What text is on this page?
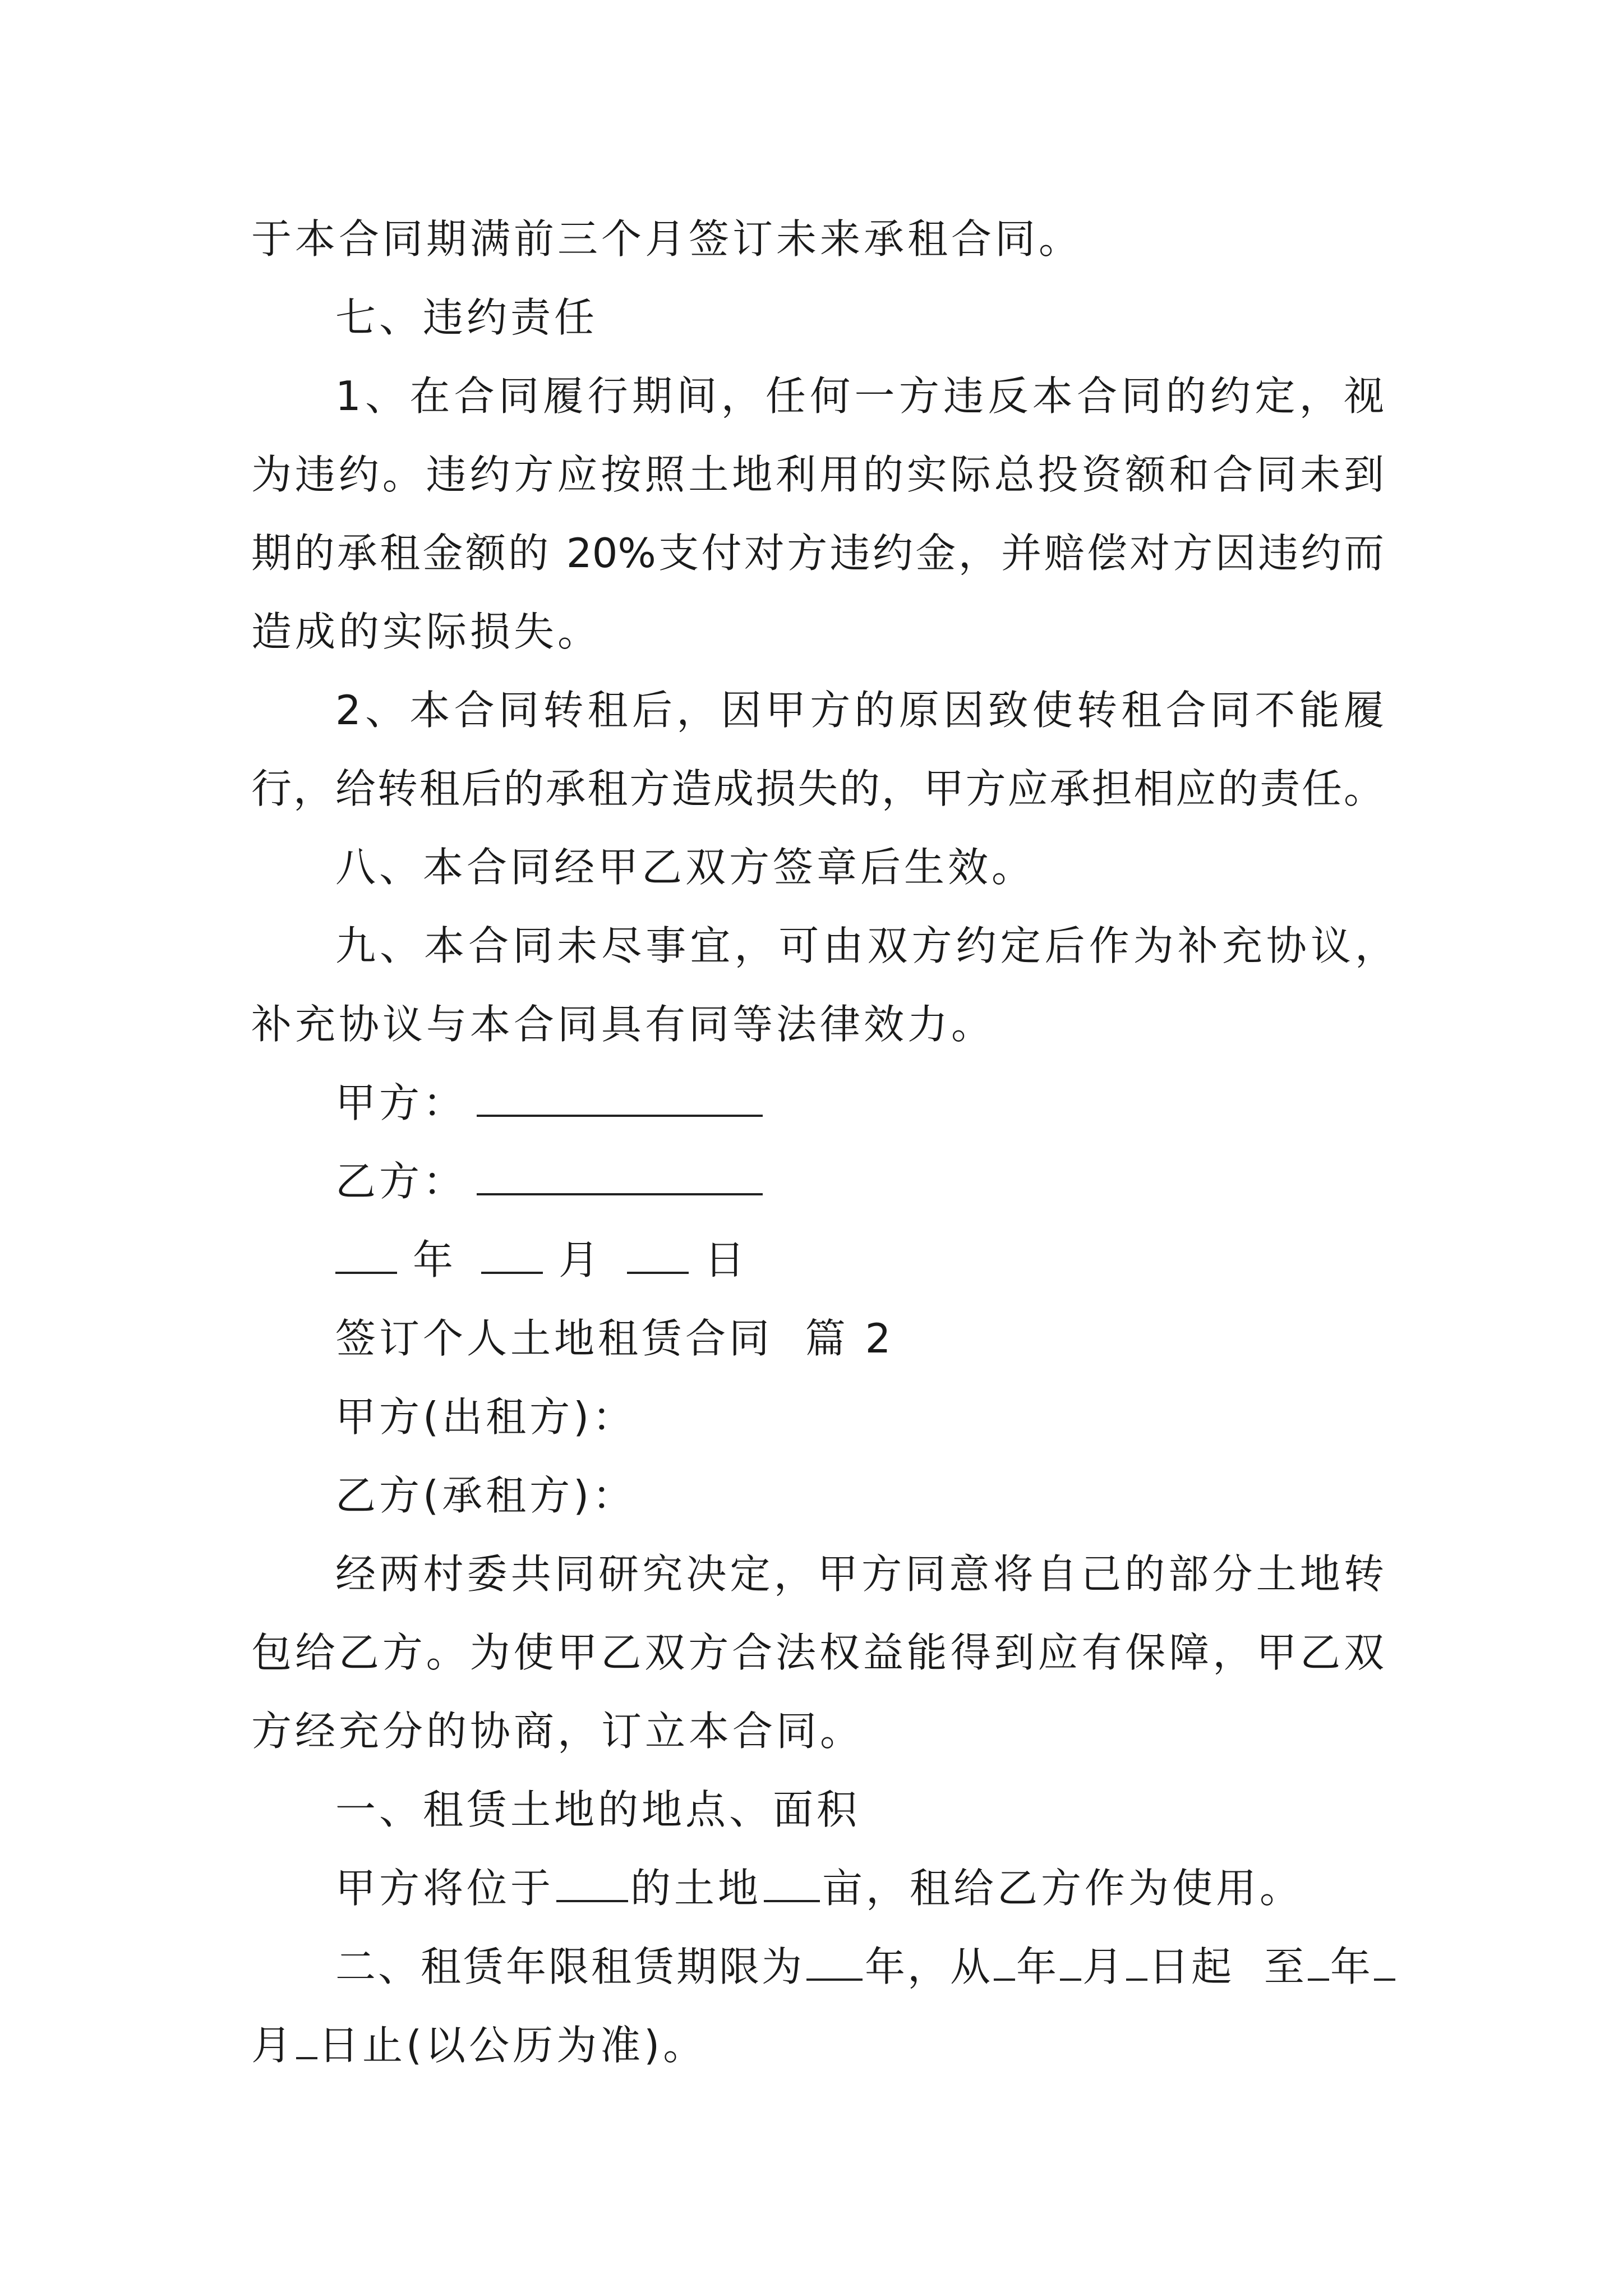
于本合同期满前三个月签订未来承租合同。
七、违约责任
1、在合同履行期间，任何一方违反本合同的约定，视
为违约。违约方应按照土地利用的实际总投资额和合同未到
期的承租金额的 20%支付对方违约金，并赔偿对方因违约而
造成的实际损失。
2、本合同转租后，因甲方的原因致使转租合同不能履
行，给转租后的承租方造成损失的，甲方应承担相应的责任。
八、本合同经甲乙双方签章后生效。
九、本合同未尽事宜，可由双方约定后作为补充协议，
补充协议与本合同具有同等法律效力。
甲方：
乙方：
年	月	日
签订个人土地租赁合同  篇 2
甲方(出租方)：
乙方(承租方)：
经两村委共同研究决定，甲方同意将自己的部分土地转
包给乙方。为使甲乙双方合法权益能得到应有保障，甲乙双
方经充分的协商，订立本合同。
一、租赁土地的地点、面积
甲方将位于 的土地 亩，租给乙方作为使用。
二、租赁年限租赁期限为 年，从 年 月 日起  至 年
月 日止(以公历为准)。
